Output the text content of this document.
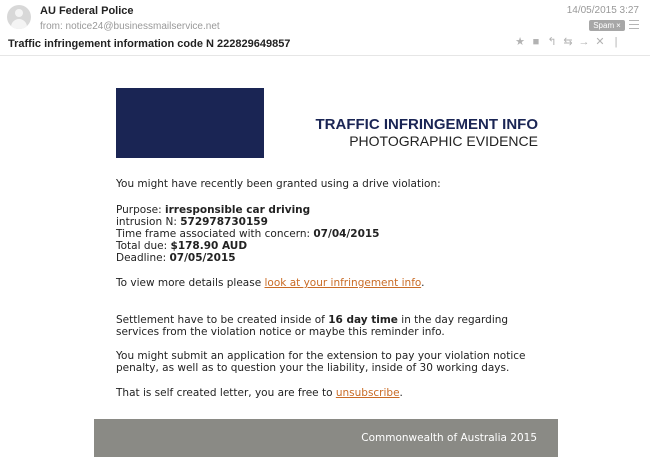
AU Federal Police
from: notice24@businessmailservice.net
Traffic infringement information code N 222829649857
14/05/2015 3:27
Spam ×
★ ■ ↰ ⇆ → ✕ |
TRAFFIC INFRINGEMENT INFO
PHOTOGRAPHIC EVIDENCE
You might have recently been granted using a drive violation:
Purpose: irresponsible car driving
intrusion N: 572978730159
Time frame associated with concern: 07/04/2015
Total due: $178.90 AUD
Deadline: 07/05/2015
To view more details please look at your infringement info.
Settlement have to be created inside of 16 day time in the day regarding
services from the violation notice or maybe this reminder info.
You might submit an application for the extension to pay your violation notice
penalty, as well as to question your the liability, inside of 30 working days.
That is self created letter, you are free to unsubscribe.
Commonwealth of Australia 2015
